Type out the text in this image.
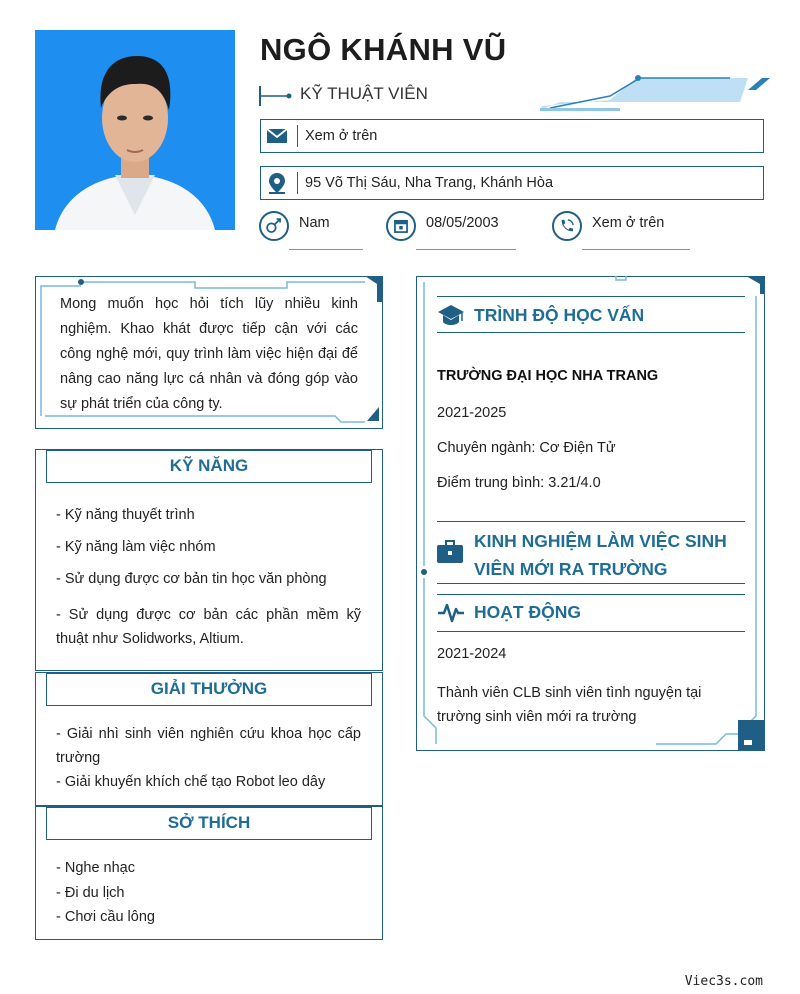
NGÔ KHÁNH VŨ
KỸ THUẬT VIÊN
Xem ở trên
95 Võ Thị Sáu, Nha Trang, Khánh Hòa
Nam	08/05/2003	Xem ở trên
Mong muốn học hỏi tích lũy nhiều kinh nghiệm. Khao khát được tiếp cận với các công nghệ mới, quy trình làm việc hiện đại để nâng cao năng lực cá nhân và đóng góp vào sự phát triển của công ty.
KỸ NĂNG

- Kỹ năng thuyết trình

- Kỹ năng làm việc nhóm

- Sử dụng được cơ bản tin học văn phòng

- Sử dụng được cơ bản các phần mềm kỹ thuật như Solidworks, Altium.

GIẢI THƯỞNG

- Giải nhì sinh viên nghiên cứu khoa học cấp trường

- Giải khuyến khích chế tạo Robot leo dây

SỞ THÍCH

- Nghe nhạc

- Đi du lịch

- Chơi cầu lông

TRÌNH ĐỘ HỌC VẤN
TRƯỜNG ĐẠI HỌC NHA TRANG
2021-2025
Chuyên ngành: Cơ Điện Tử
Điểm trung bình: 3.21/4.0
KINH NGHIỆM LÀM VIỆC SINH
VIÊN MỚI RA TRƯỜNG
HOẠT ĐỘNG
2021-2024
Thành viên CLB sinh viên tình nguyện tại
trường sinh viên mới ra trường
Viec3s.com
